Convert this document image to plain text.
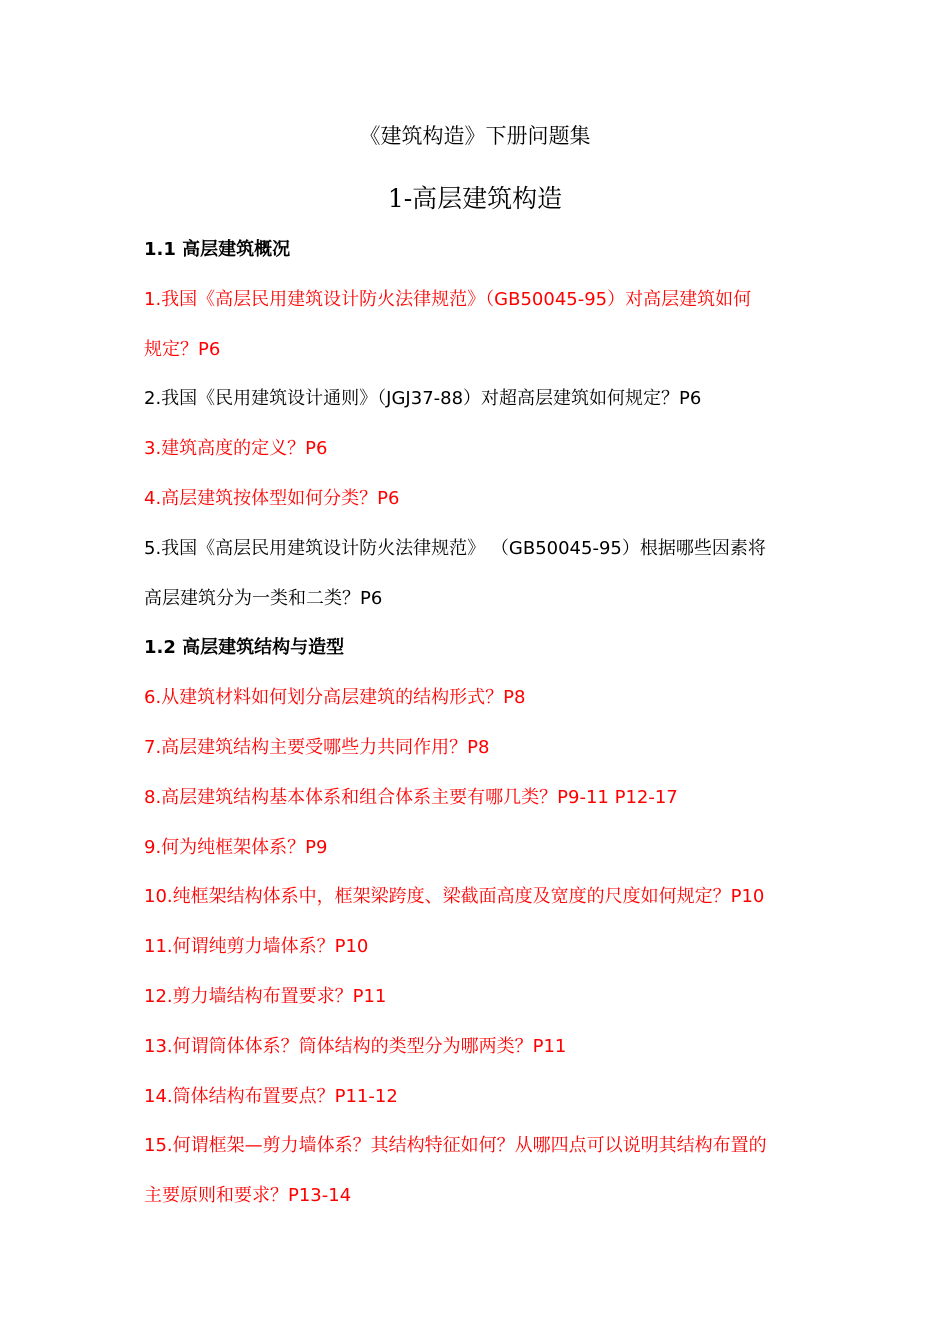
《建筑构造》下册问题集
1-高层建筑构造

1.1 高层建筑概况

1.我国《高层民用建筑设计防火法律规范》（GB50045-95）对高层建筑如何

规定？P6

2.我国《民用建筑设计通则》（JGJ37-88）对超高层建筑如何规定？P6

3.建筑高度的定义？P6

4.高层建筑按体型如何分类？P6

5.我国《高层民用建筑设计防火法律规范》 （GB50045-95）根据哪些因素将

高层建筑分为一类和二类？P6

1.2 高层建筑结构与造型

6.从建筑材料如何划分高层建筑的结构形式？P8

7.高层建筑结构主要受哪些力共同作用？P8

8.高层建筑结构基本体系和组合体系主要有哪几类？P9-11 P12-17

9.何为纯框架体系？P9

10.纯框架结构体系中，框架梁跨度、梁截面高度及宽度的尺度如何规定？P10

11.何谓纯剪力墙体系？P10

12.剪力墙结构布置要求？P11

13.何谓筒体体系？筒体结构的类型分为哪两类？P11

14.筒体结构布置要点？P11-12

15.何谓框架—剪力墙体系？其结构特征如何？从哪四点可以说明其结构布置的

主要原则和要求？P13-14
